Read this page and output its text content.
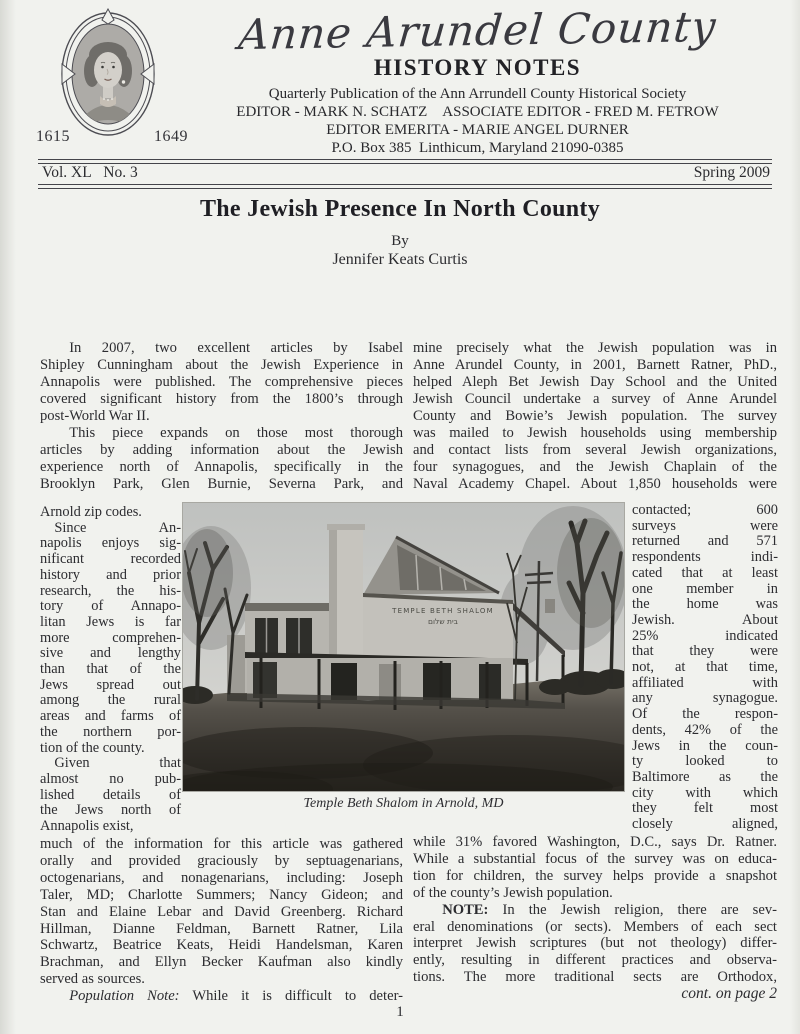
1615	1649
Anne Arundel County
HISTORY NOTES
Quarterly Publication of the Ann Arrundell County Historical Society
EDITOR - MARK N. SCHATZ ASSOCIATE EDITOR - FRED M. FETROW
EDITOR EMERITA - MARIE ANGEL DURNER
P.O. Box 385 Linthicum, Maryland 21090-0385
Vol. XL  No. 3	Spring 2009
The Jewish Presence In North County
By
Jennifer Keats Curtis
  In 2007, two excellent articles by Isabel
Shipley Cunningham about the Jewish Experience in
Annapolis were published. The comprehensive pieces
covered significant history from the 1800’s through
post-World War II.
  This piece expands on those most thorough
articles by adding information about the Jewish
experience north of Annapolis, specifically in the
Brooklyn Park, Glen Burnie, Severna Park, and
Arnold zip codes.
 Since An-
napolis enjoys sig-
nificant recorded
history and prior
research, the his-
tory of Annapo-
litan Jews is far
more comprehen-
sive and lengthy
than that of the
Jews spread out
among the rural
areas and farms of
the northern por-
tion of the county.
 Given that
almost no pub-
lished details of
the Jews north of
Annapolis exist,
much of the information for this article was gathered
orally and provided graciously by septuagenarians,
octogenarians, and nonagenarians, including: Joseph
Taler, MD; Charlotte Summers; Nancy Gideon; and
Stan and Elaine Lebar and David Greenberg. Richard
Hillman, Dianne Feldman, Barnett Ratner, Lila
Schwartz, Beatrice Keats, Heidi Handelsman, Karen
Brachman, and Ellyn Becker Kaufman also kindly
served as sources.
  Population Note: While it is difficult to deter-
mine precisely what the Jewish population was in
Anne Arundel County, in 2001, Barnett Ratner, PhD.,
helped Aleph Bet Jewish Day School and the United
Jewish Council undertake a survey of Anne Arundel
County and Bowie’s Jewish population. The survey
was mailed to Jewish households using membership
and contact lists from several Jewish organizations,
four synagogues, and the Jewish Chaplain of the
Naval Academy Chapel. About 1,850 households were
contacted; 600
surveys were
returned and 571
respondents indi-
cated that at least
one member in
the home was
Jewish. About
25% indicated
that they were
not, at that time,
affiliated with
any synagogue.
Of the respon-
dents, 42% of the
Jews in the coun-
ty looked to
Baltimore as the
city with which
they felt most
closely aligned,
while 31% favored Washington, D.C., says Dr. Ratner.
While a substantial focus of the survey was on educa-
tion for children, the survey helps provide a snapshot
of the county’s Jewish population.
  NOTE: In the Jewish religion, there are sev-
eral denominations (or sects). Members of each sect
interpret Jewish scriptures (but not theology) differ-
ently, resulting in different practices and observa-
tions. The more traditional sects are Orthodox,
TEMPLE BETH SHALOM
בית שלום
Temple Beth Shalom in Arnold, MD
cont. on page 2
1
